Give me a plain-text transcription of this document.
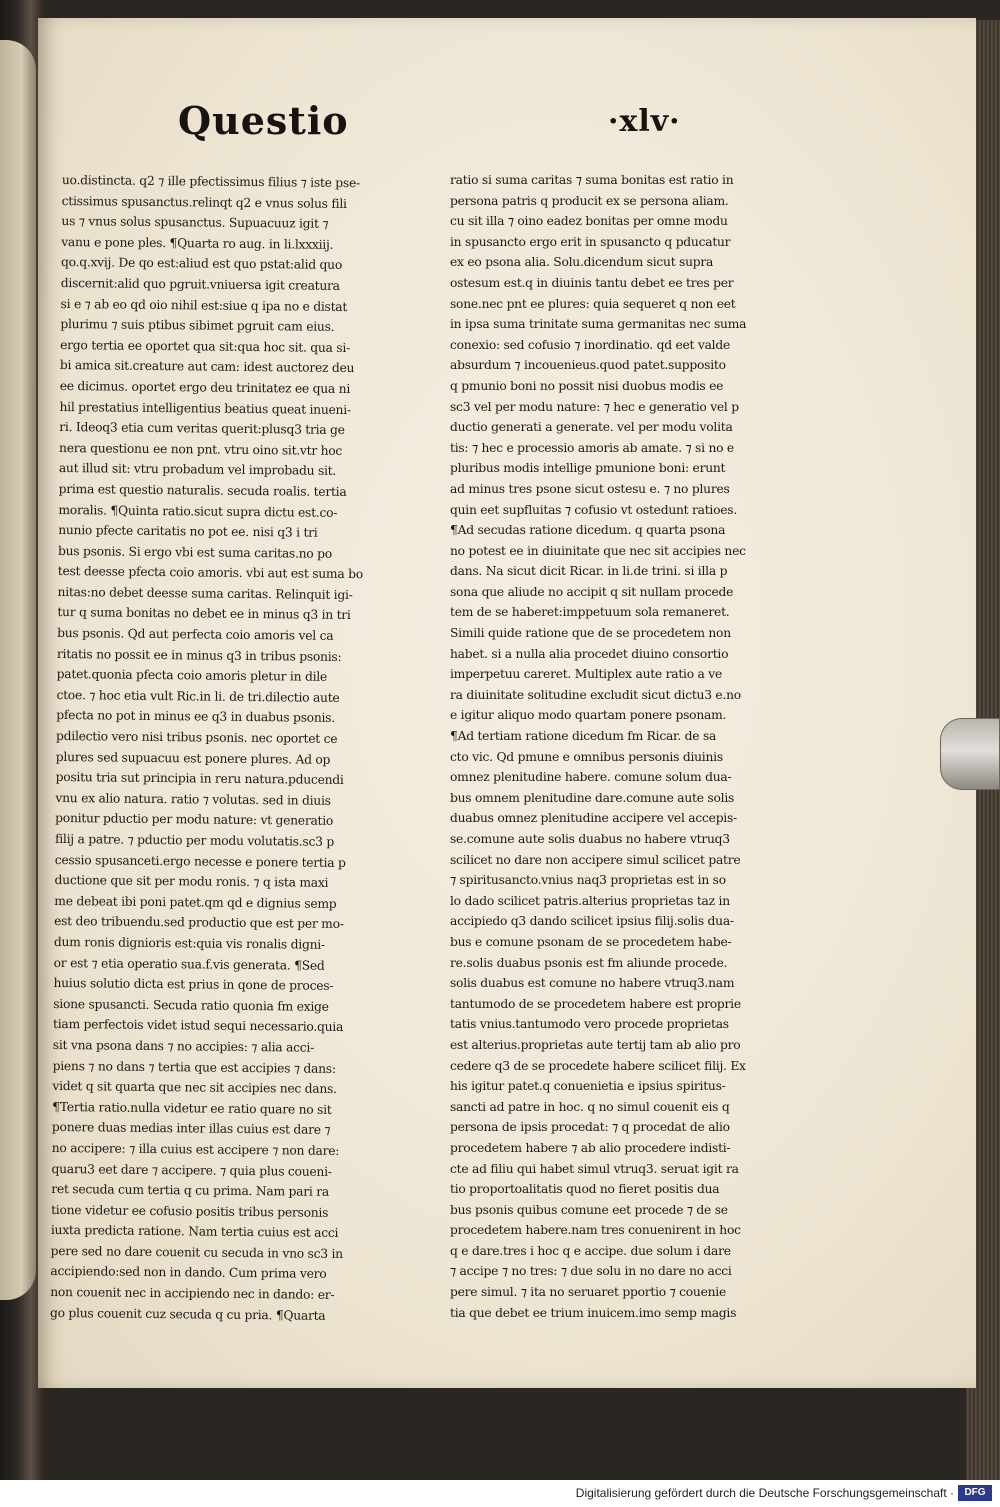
Questio	·xlv·
uo.distincta. q2 ⁊ ille pfectissimus filius ⁊ iste pse-
ctissimus spusanctus.relinqt q2 e vnus solus fili
us ⁊ vnus solus spusanctus. Supuacuuz igit ⁊
vanu e pone ples. ¶Quarta ro aug. in li.lxxxiij.
qo.q.xvij. De qo est:aliud est quo pstat:alid quo
discernit:alid quo pgruit.vniuersa igit creatura
si e ⁊ ab eo qd oio nihil est:siue q ipa no e distat
plurimu ⁊ suis ptibus sibimet pgruit cam eius.
ergo tertia ee oportet qua sit:qua hoc sit. qua si-
bi amica sit.creature aut cam: idest auctorez deu
ee dicimus. oportet ergo deu trinitatez ee qua ni
hil prestatius intelligentius beatius queat inueni-
ri. Ideoq3 etia cum veritas querit:plusq3 tria ge
nera questionu ee non pnt. vtru oino sit.vtr hoc
aut illud sit: vtru probadum vel improbadu sit.
prima est questio naturalis. secuda roalis. tertia
moralis. ¶Quinta ratio.sicut supra dictu est.co-
nunio pfecte caritatis no pot ee. nisi q3 i tri
bus psonis. Si ergo vbi est suma caritas.no po
test deesse pfecta coio amoris. vbi aut est suma bo
nitas:no debet deesse suma caritas. Relinquit igi-
tur q suma bonitas no debet ee in minus q3 in tri
bus psonis. Qd aut perfecta coio amoris vel ca
ritatis no possit ee in minus q3 in tribus psonis:
patet.quonia pfecta coio amoris pletur in dile
ctoe. ⁊ hoc etia vult Ric.in li. de tri.dilectio aute
pfecta no pot in minus ee q3 in duabus psonis.
pdilectio vero nisi tribus psonis. nec oportet ce
plures sed supuacuu est ponere plures. Ad op
positu tria sut principia in reru natura.pducendi
vnu ex alio natura. ratio ⁊ volutas. sed in diuis
ponitur pductio per modu nature: vt generatio
filij a patre. ⁊ pductio per modu volutatis.sc3 p
cessio spusanceti.ergo necesse e ponere tertia p
ductione que sit per modu ronis. ⁊ q ista maxi
me debeat ibi poni patet.qm qd e dignius semp
est deo tribuendu.sed productio que est per mo-
dum ronis dignioris est:quia vis ronalis digni-
or est ⁊ etia operatio sua.f.vis generata. ¶Sed
huius solutio dicta est prius in qone de proces-
sione spusancti. Secuda ratio quonia fm exige
tiam perfectois videt istud sequi necessario.quia
sit vna psona dans ⁊ no accipies: ⁊ alia acci-
piens ⁊ no dans ⁊ tertia que est accipies ⁊ dans:
videt q sit quarta que nec sit accipies nec dans.
¶Tertia ratio.nulla videtur ee ratio quare no sit
ponere duas medias inter illas cuius est dare ⁊
no accipere: ⁊ illa cuius est accipere ⁊ non dare:
quaru3 eet dare ⁊ accipere. ⁊ quia plus coueni-
ret secuda cum tertia q cu prima. Nam pari ra
tione videtur ee cofusio positis tribus personis
iuxta predicta ratione. Nam tertia cuius est acci
pere sed no dare couenit cu secuda in vno sc3 in
accipiendo:sed non in dando. Cum prima vero
non couenit nec in accipiendo nec in dando: er-
go plus couenit cuz secuda q cu pria. ¶Quarta
ratio si suma caritas ⁊ suma bonitas est ratio in
persona patris q producit ex se persona aliam.
cu sit illa ⁊ oino eadez bonitas per omne modu
in spusancto ergo erit in spusancto q pducatur
ex eo psona alia. Solu.dicendum sicut supra
ostesum est.q in diuinis tantu debet ee tres per
sone.nec pnt ee plures: quia sequeret q non eet
in ipsa suma trinitate suma germanitas nec suma
conexio: sed cofusio ⁊ inordinatio. qd eet valde
absurdum ⁊ incouenieus.quod patet.supposito
q pmunio boni no possit nisi duobus modis ee
sc3 vel per modu nature: ⁊ hec e generatio vel p
ductio generati a generate. vel per modu volita
tis: ⁊ hec e processio amoris ab amate. ⁊ si no e
pluribus modis intellige pmunione boni: erunt
ad minus tres psone sicut ostesu e. ⁊ no plures
quin eet supfluitas ⁊ cofusio vt ostedunt ratioes.
¶Ad secudas ratione dicedum. q quarta psona
no potest ee in diuinitate que nec sit accipies nec
dans. Na sicut dicit Ricar. in li.de trini. si illa p
sona que aliude no accipit q sit nullam procede
tem de se haberet:imppetuum sola remaneret.
Simili quide ratione que de se procedetem non
habet. si a nulla alia procedet diuino consortio
imperpetuu careret. Multiplex aute ratio a ve
ra diuinitate solitudine excludit sicut dictu3 e.no
e igitur aliquo modo quartam ponere psonam.
¶Ad tertiam ratione dicedum fm Ricar. de sa
cto vic. Qd pmune e omnibus personis diuinis
omnez plenitudine habere. comune solum dua-
bus omnem plenitudine dare.comune aute solis
duabus omnez plenitudine accipere vel accepis-
se.comune aute solis duabus no habere vtruq3
scilicet no dare non accipere simul scilicet patre
⁊ spiritusancto.vnius naq3 proprietas est in so
lo dado scilicet patris.alterius proprietas taz in
accipiedo q3 dando scilicet ipsius filij.solis dua-
bus e comune psonam de se procedetem habe-
re.solis duabus psonis est fm aliunde procede.
solis duabus est comune no habere vtruq3.nam
tantumodo de se procedetem habere est proprie
tatis vnius.tantumodo vero procede proprietas
est alterius.proprietas aute tertij tam ab alio pro
cedere q3 de se procedete habere scilicet filij. Ex
his igitur patet.q conuenietia e ipsius spiritus-
sancti ad patre in hoc. q no simul couenit eis q
persona de ipsis procedat: ⁊ q procedat de alio
procedetem habere ⁊ ab alio procedere indisti-
cte ad filiu qui habet simul vtruq3. seruat igit ra
tio proportoalitatis quod no fieret positis dua
bus psonis quibus comune eet procede ⁊ de se
procedetem habere.nam tres conuenirent in hoc
q e dare.tres i hoc q e accipe. due solum i dare
⁊ accipe ⁊ no tres: ⁊ due solu in no dare no acci
pere simul. ⁊ ita no seruaret pportio ⁊ couenie
tia que debet ee trium inuicem.imo semp magis
Digitalisierung gefördert durch die Deutsche Forschungsgemeinschaft ·	DFG
